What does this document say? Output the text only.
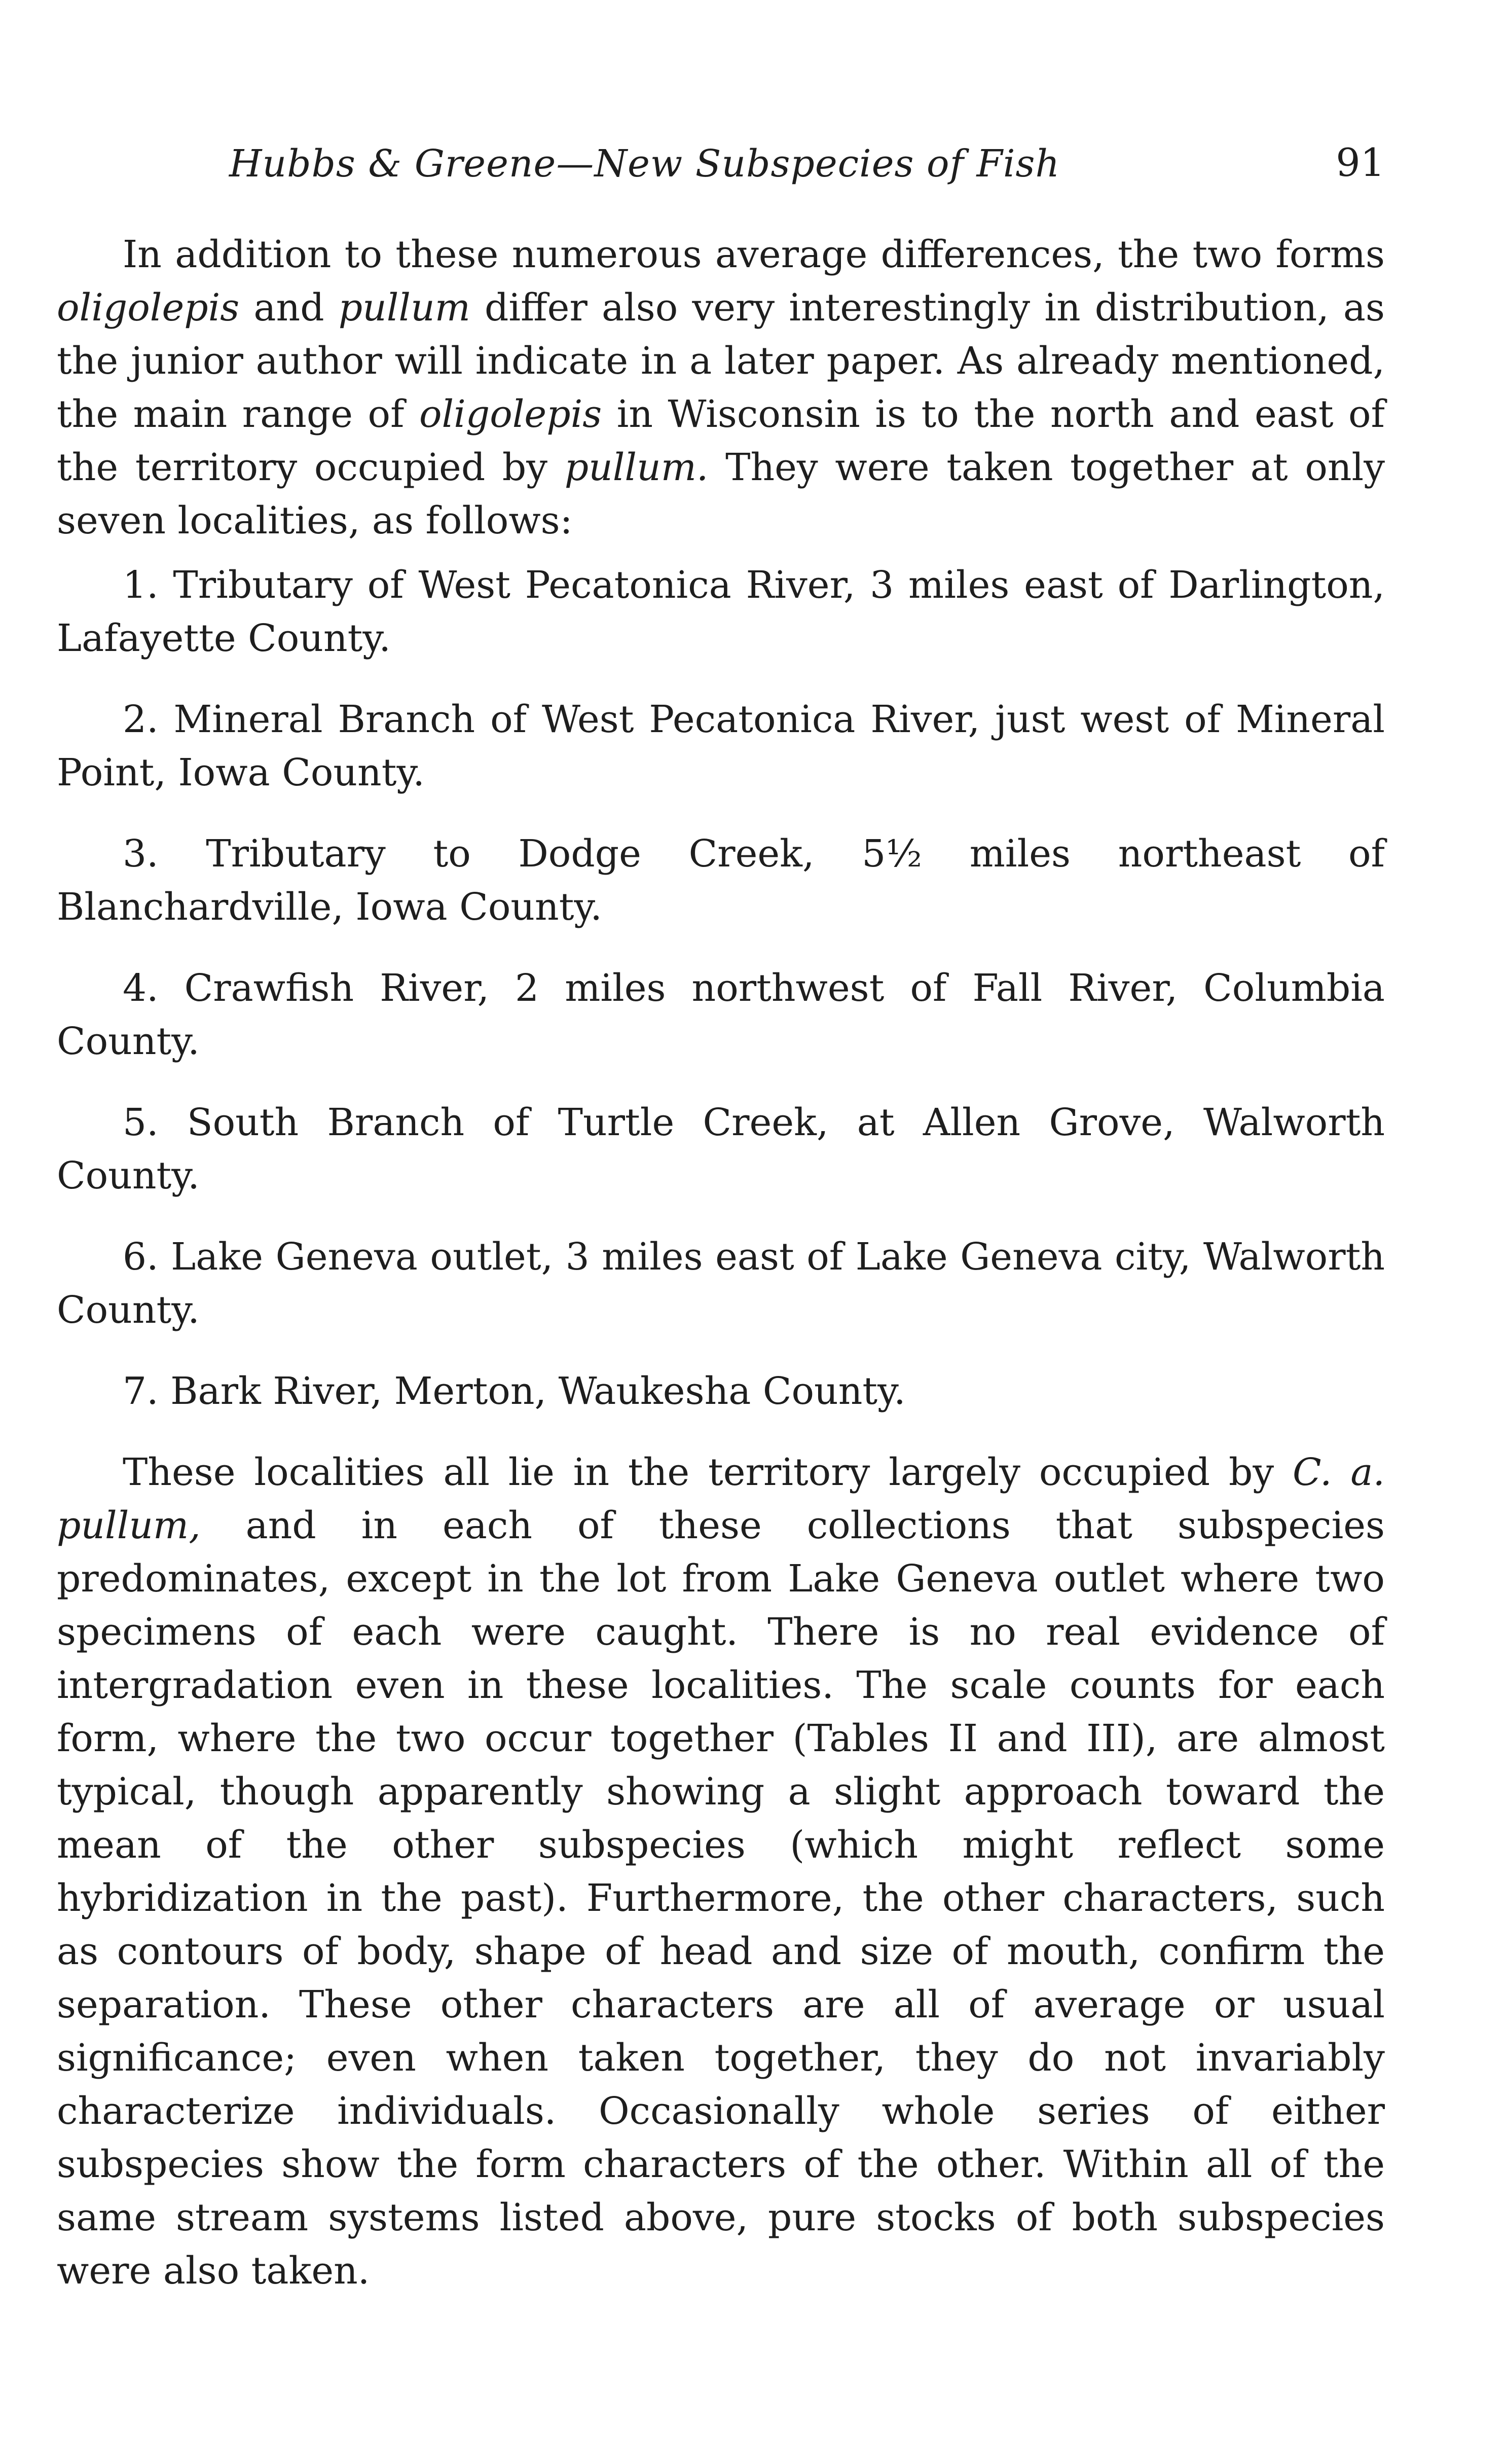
Hubbs & Greene—New Subspecies of Fish	91

In addition to these numerous average differences, the two forms oligolepis and pullum differ also very interestingly in distribution, as the junior author will indicate in a later paper. As already mentioned, the main range of oligolepis in Wisconsin is to the north and east of the territory occupied by pullum. They were taken together at only seven localities, as follows:

1. Tributary of West Pecatonica River, 3 miles east of Darlington, Lafayette County.
2. Mineral Branch of West Pecatonica River, just west of Mineral Point, Iowa County.
3. Tributary to Dodge Creek, 5½ miles northeast of Blanchardville, Iowa County.
4. Crawfish River, 2 miles northwest of Fall River, Columbia County.
5. South Branch of Turtle Creek, at Allen Grove, Walworth County.
6. Lake Geneva outlet, 3 miles east of Lake Geneva city, Walworth County.
7. Bark River, Merton, Waukesha County.

These localities all lie in the territory largely occupied by C. a. pullum, and in each of these collections that subspecies predominates, except in the lot from Lake Geneva outlet where two specimens of each were caught. There is no real evidence of intergradation even in these localities. The scale counts for each form, where the two occur together (Tables II and III), are almost typical, though apparently showing a slight approach toward the mean of the other subspecies (which might reflect some hybridization in the past). Furthermore, the other characters, such as contours of body, shape of head and size of mouth, confirm the separation. These other characters are all of average or usual significance; even when taken together, they do not invariably characterize individuals. Occasionally whole series of either subspecies show the form characters of the other. Within all of the same stream systems listed above, pure stocks of both subspecies were also taken.
